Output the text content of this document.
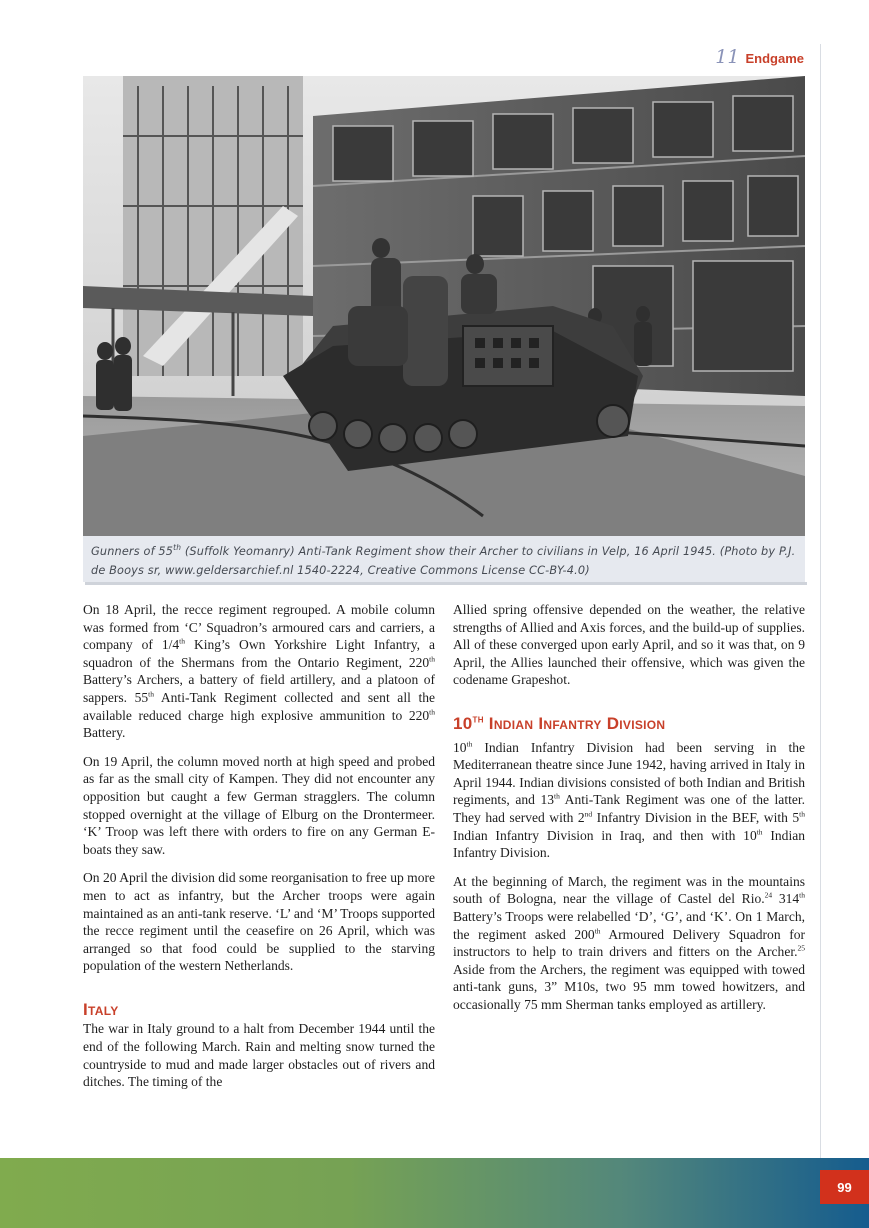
11 Endgame
Gunners of 55th (Suffolk Yeomanry) Anti-Tank Regiment show their Archer to civilians in Velp, 16 April 1945. (Photo by P.J. de Booys sr, www.geldersarchief.nl 1540-2224, Creative Commons License CC-BY-4.0)

On 18 April, the recce regiment regrouped. A mobile column was formed from ‘C’ Squadron’s armoured cars and carriers, a company of 1/4th King’s Own Yorkshire Light Infantry, a squadron of the Shermans from the Ontario Regiment, 220th Battery’s Archers, a battery of field artillery, and a platoon of sappers. 55th Anti-Tank Regiment collected and sent all the available reduced charge high explosive ammunition to 220th Battery.

On 19 April, the column moved north at high speed and probed as far as the small city of Kampen. They did not encounter any opposition but caught a few German stragglers. The column stopped overnight at the village of Elburg on the Drontermeer. ‘K’ Troop was left there with orders to fire on any German E-boats they saw.

On 20 April the division did some reorganisation to free up more men to act as infantry, but the Archer troops were again maintained as an anti-tank reserve. ‘L’ and ‘M’ Troops supported the recce regiment until the ceasefire on 26 April, which was arranged so that food could be supplied to the starving population of the western Netherlands.

Italy

The war in Italy ground to a halt from December 1944 until the end of the following March. Rain and melting snow turned the countryside to mud and made larger obstacles out of rivers and ditches. The timing of the

Allied spring offensive depended on the weather, the relative strengths of Allied and Axis forces, and the build-up of supplies. All of these converged upon early April, and so it was that, on 9 April, the Allies launched their offensive, which was given the codename Grapeshot.

10th Indian Infantry Division

10th Indian Infantry Division had been serving in the Mediterranean theatre since June 1942, having arrived in Italy in April 1944. Indian divisions consisted of both Indian and British regiments, and 13th Anti-Tank Regiment was one of the latter. They had served with 2nd Infantry Division in the BEF, with 5th Indian Infantry Division in Iraq, and then with 10th Indian Infantry Division.

At the beginning of March, the regiment was in the mountains south of Bologna, near the village of Castel del Rio.$^{24}$ 314th Battery’s Troops were relabelled ‘D’, ‘G’, and ‘K’. On 1 March, the regiment asked 200th Armoured Delivery Squadron for instructors to help to train drivers and fitters on the Archer.$^{25}$ Aside from the Archers, the regiment was equipped with towed anti-tank guns, 3” M10s, two 95 mm towed howitzers, and occasionally 75 mm Sherman tanks employed as artillery.

99
